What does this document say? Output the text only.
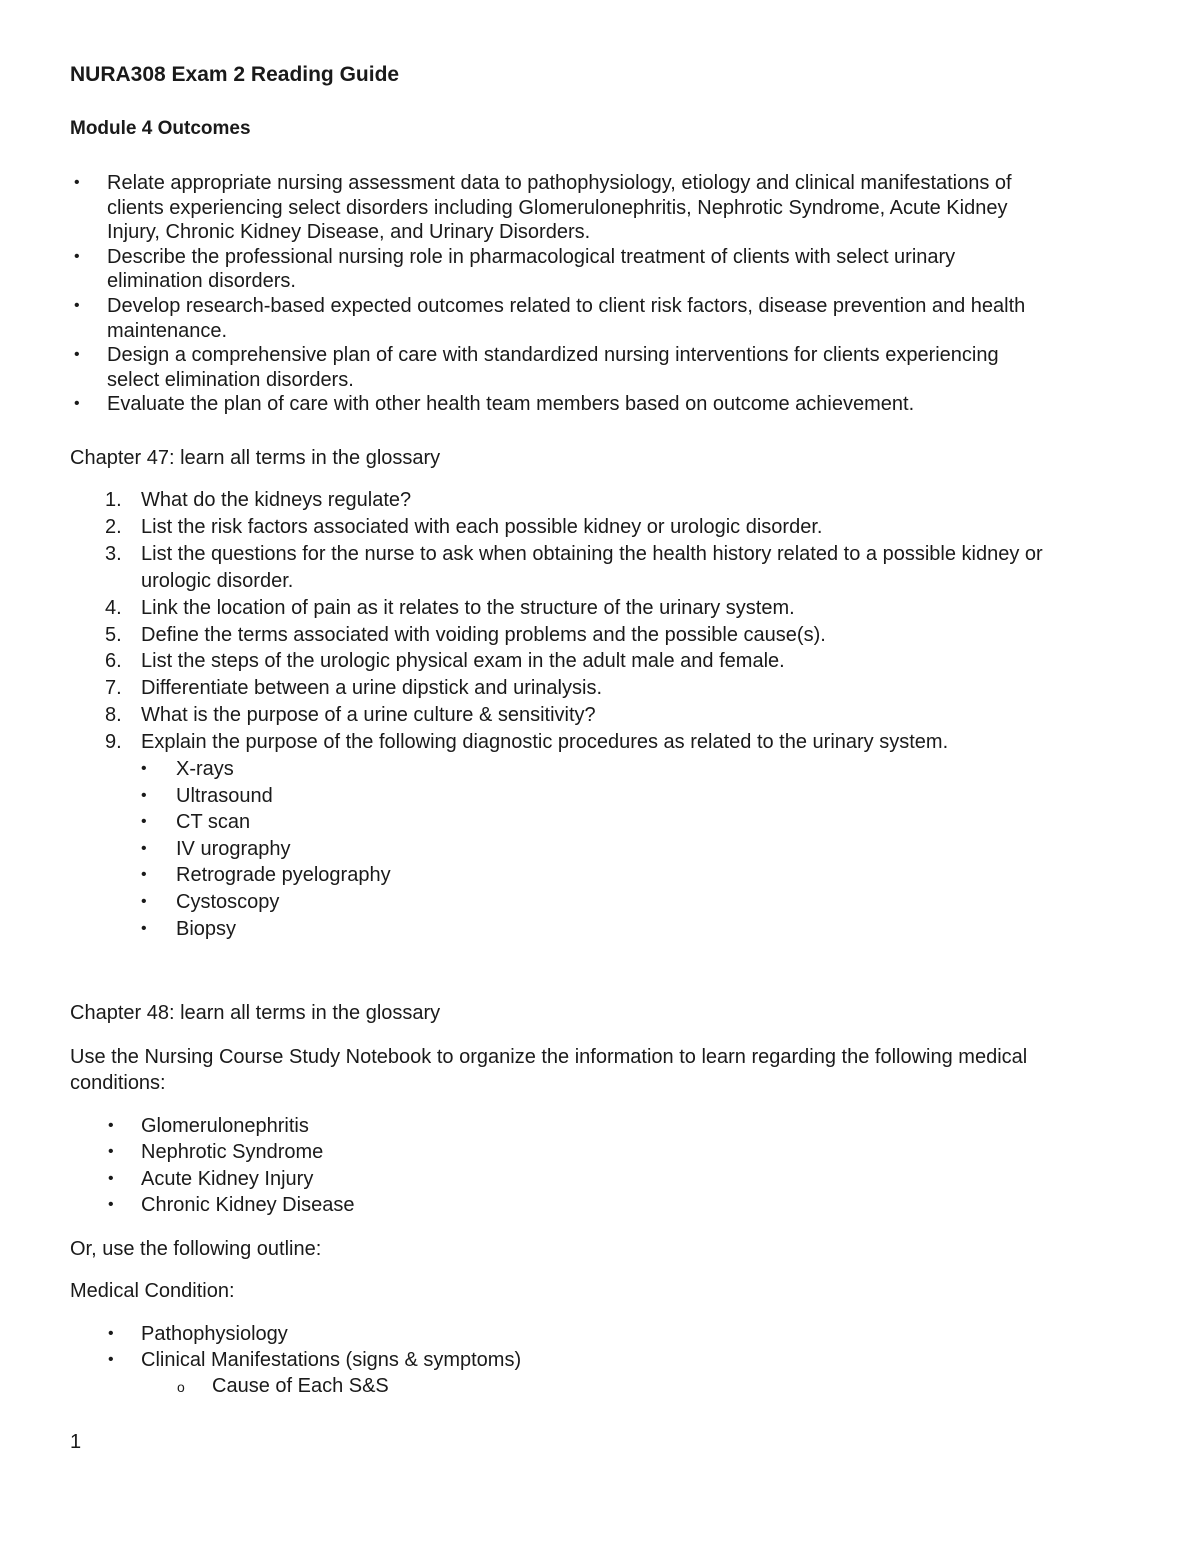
NURA308 Exam 2 Reading Guide
Module 4 Outcomes
• Relate appropriate nursing assessment data to pathophysiology, etiology and clinical manifestations of
clients experiencing select disorders including Glomerulonephritis, Nephrotic Syndrome, Acute Kidney
Injury, Chronic Kidney Disease, and Urinary Disorders.
• Describe the professional nursing role in pharmacological treatment of clients with select urinary
elimination disorders.
• Develop research-based expected outcomes related to client risk factors, disease prevention and health
maintenance.
• Design a comprehensive plan of care with standardized nursing interventions for clients experiencing
select elimination disorders.
• Evaluate the plan of care with other health team members based on outcome achievement.
Chapter 47: learn all terms in the glossary
1. What do the kidneys regulate?
2. List the risk factors associated with each possible kidney or urologic disorder.
3. List the questions for the nurse to ask when obtaining the health history related to a possible kidney or
urologic disorder.
4. Link the location of pain as it relates to the structure of the urinary system.
5. Define the terms associated with voiding problems and the possible cause(s).
6. List the steps of the urologic physical exam in the adult male and female.
7. Differentiate between a urine dipstick and urinalysis.
8. What is the purpose of a urine culture & sensitivity?
9. Explain the purpose of the following diagnostic procedures as related to the urinary system.
• X-rays
• Ultrasound
• CT scan
• IV urography
• Retrograde pyelography
• Cystoscopy
• Biopsy
Chapter 48: learn all terms in the glossary
Use the Nursing Course Study Notebook to organize the information to learn regarding the following medical
conditions:
• Glomerulonephritis
• Nephrotic Syndrome
• Acute Kidney Injury
• Chronic Kidney Disease
Or, use the following outline:
Medical Condition:
• Pathophysiology
• Clinical Manifestations (signs & symptoms)
o Cause of Each S&S
1
